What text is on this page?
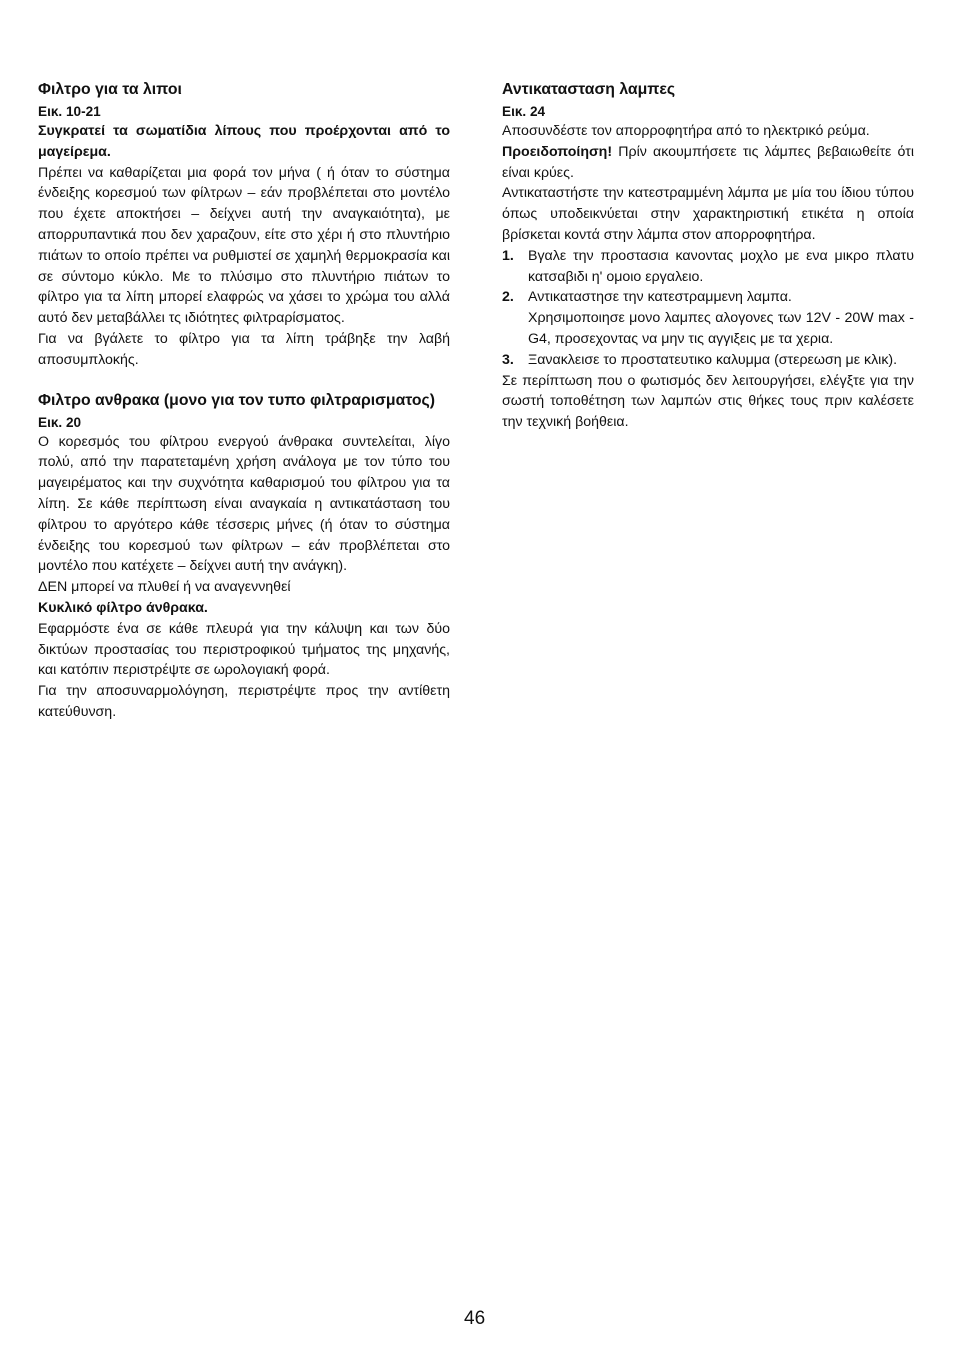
Φιλτρο για τα λιποι
Εικ. 10-21

Συγκρατεί τα σωματίδια λίπους που προέρχονται από το μαγείρεμα.

Πρέπει να καθαρίζεται μια φορά τον μήνα ( ή όταν το σύστημα ένδειξης κορεσμού των φίλτρων – εάν προβλέπεται στο μοντέλο που έχετε αποκτήσει – δείχνει αυτή την αναγκαιότητα), με απορρυπαντικά που δεν χαραζουν, είτε στο χέρι ή στο πλυντήριο πιάτων το οποίο πρέπει να ρυθμιστεί σε χαμηλή θερμοκρασία και σε σύντομο κύκλο. Με το πλύσιμο στο πλυντήριο πιάτων το φίλτρο για τα λίπη μπορεί ελαφρώς να χάσει το χρώμα του αλλά αυτό δεν μεταβάλλει τς ιδιότητες φιλτραρίσματος.

Για να βγάλετε το φίλτρο για τα λίπη τράβηξε την λαβή αποσυμπλοκής.

Φιλτρο ανθρακα (μονο για τον τυπο φιλτραρισματος)
Εικ. 20

Ο κορεσμός του φίλτρου ενεργού άνθρακα συντελείται, λίγο πολύ, από την παρατεταμένη χρήση ανάλογα με τον τύπο του μαγειρέματος και την συχνότητα καθαρισμού του φίλτρου για τα λίπη. Σε κάθε περίπτωση είναι αναγκαία η αντικατάσταση του φίλτρου το αργότερο κάθε τέσσερις μήνες (ή όταν το σύστημα ένδειξης του κορεσμού των φίλτρων – εάν προβλέπεται στο μοντέλο που κατέχετε – δείχνει αυτή την ανάγκη).

ΔΕΝ μπορεί να πλυθεί ή να αναγεννηθεί

Κυκλικό φίλτρο άνθρακα.

Εφαρμόστε ένα σε κάθε πλευρά για την κάλυψη και των δύο δικτύων προστασίας του περιστροφικού τμήματος της μηχανής, και κατόπιν περιστρέψτε σε ωρολογιακή φορά.

Για την αποσυναρμολόγηση, περιστρέψτε προς την αντίθετη κατεύθυνση.

Αντικατασταση λαμπες
Εικ. 24

Αποσυνδέστε τον απορροφητήρα από το ηλεκτρικό ρεύμα.

Προειδοποίηση! Πρίν ακουμπήσετε τις λάμπες βεβαιωθείτε ότι είναι κρύες.

Αντικαταστήστε την κατεστραμμένη λάμπα με μία του ίδιου τύπου όπως υποδεικνύεται στην χαρακτηριστική ετικέτα η οποία βρίσκεται κοντά στην λάμπα στον απορροφητήρα.

1. Βγαλε την προστασια κανοντας μοχλο με ενα μικρο πλατυ κατσαβιδι η' ομοιο εργαλειο.
2. Αντικαταστησε την κατεστραμμενη λαμπα.
Χρησιμοποιησε μονο λαμπες αλογονες των 12V - 20W max - G4, προσεχοντας να μην τις αγγιξεις με τα χερια.
3. Ξανακλεισε το προστατευτικο καλυμμα (στερεωση με κλικ).

Σε περίπτωση που ο φωτισμός δεν λειτουργήσει, ελέγξτε για την σωστή τοποθέτηση των λαμπών στις θήκες τους πριν καλέσετε την τεχνική βοήθεια.

46
